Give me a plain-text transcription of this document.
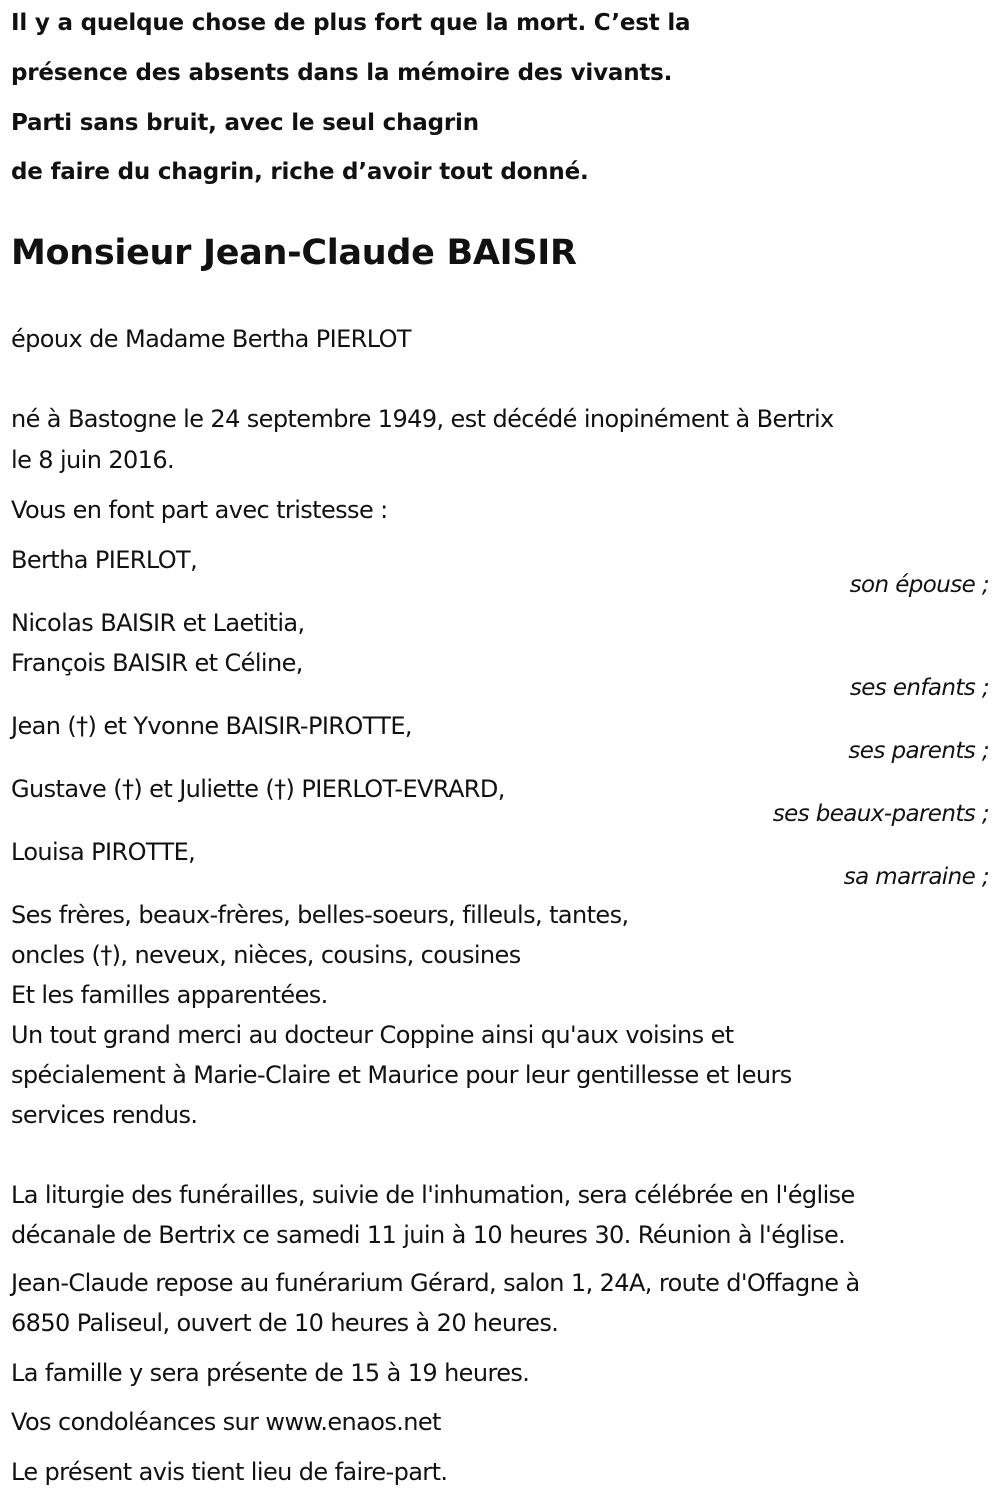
Il y a quelque chose de plus fort que la mort. C’est la
présence des absents dans la mémoire des vivants.
Parti sans bruit, avec le seul chagrin
de faire du chagrin, riche d’avoir tout donné.
Monsieur Jean-Claude BAISIR
époux de Madame Bertha PIERLOT
né à Bastogne le 24 septembre 1949, est décédé inopinément à Bertrix
le 8 juin 2016.
Vous en font part avec tristesse :
Bertha PIERLOT,
son épouse ;
Nicolas BAISIR et Laetitia,
François BAISIR et Céline,
ses enfants ;
Jean (†) et Yvonne BAISIR-PIROTTE,
ses parents ;
Gustave (†) et Juliette (†) PIERLOT-EVRARD,
ses beaux-parents ;
Louisa PIROTTE,
sa marraine ;
Ses frères, beaux-frères, belles-soeurs, filleuls, tantes,
oncles (†), neveux, nièces, cousins, cousines
Et les familles apparentées.
Un tout grand merci au docteur Coppine ainsi qu'aux voisins et
spécialement à Marie-Claire et Maurice pour leur gentillesse et leurs
services rendus.
La liturgie des funérailles, suivie de l'inhumation, sera célébrée en l'église
décanale de Bertrix ce samedi 11 juin à 10 heures 30. Réunion à l'église.
Jean-Claude repose au funérarium Gérard, salon 1, 24A, route d'Offagne à
6850 Paliseul, ouvert de 10 heures à 20 heures.
La famille y sera présente de 15 à 19 heures.
Vos condoléances sur www.enaos.net
Le présent avis tient lieu de faire-part.
